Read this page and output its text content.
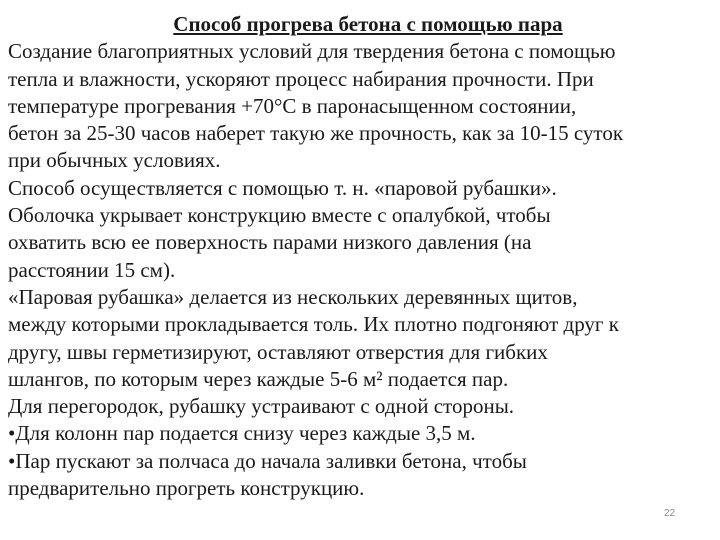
Способ прогрева бетона с помощью пара
Создание благоприятных условий для твердения бетона с помощью
тепла и влажности, ускоряют процесс набирания прочности. При
температуре прогревания +70°C в паронасыщенном состоянии,
бетон за 25-30 часов наберет такую же прочность, как за 10-15 суток
при обычных условиях.
Способ осуществляется с помощью т. н. «паровой рубашки».
Оболочка укрывает конструкцию вместе с опалубкой, чтобы
охватить всю ее поверхность парами низкого давления (на
расстоянии 15 см).
«Паровая рубашка» делается из нескольких деревянных щитов,
между которыми прокладывается толь. Их плотно подгоняют друг к
другу, швы герметизируют, оставляют отверстия для гибких
шлангов, по которым через каждые 5-6 м² подается пар.
Для перегородок, рубашку устраивают с одной стороны.
•Для колонн пар подается снизу через каждые 3,5 м.
•Пар пускают за полчаса до начала заливки бетона, чтобы
предварительно прогреть конструкцию.
22
